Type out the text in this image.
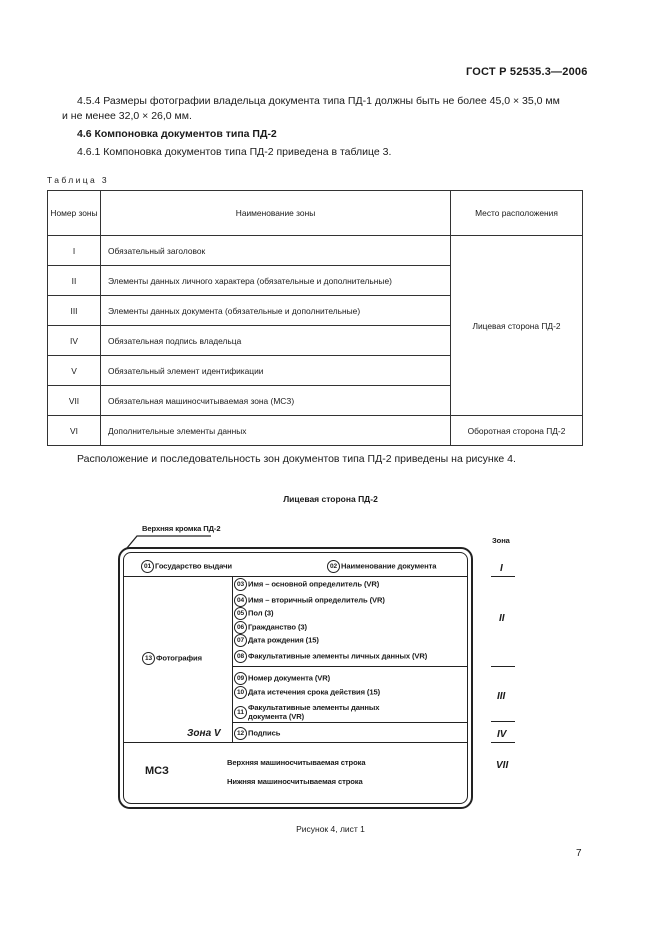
ГОСТ Р 52535.3—2006
4.5.4 Размеры фотографии владельца документа типа ПД-1 должны быть не более 45,0 × 35,0 мм
и не менее 32,0 × 26,0 мм.
4.6 Компоновка документов типа ПД-2
4.6.1 Компоновка документов типа ПД-2 приведена в таблице 3.
Таблица 3
Номер зоны	Наименование зоны	Место расположения
I	Обязательный заголовок	Лицевая сторона ПД-2
II	Элементы данных личного характера (обязательные и дополнительные)	
III	Элементы данных документа (обязательные и дополнительные)	
IV	Обязательная подпись владельца	
V	Обязательный элемент идентификации	
VII	Обязательная машиносчитываемая зона (МСЗ)	
VI	Дополнительные элементы данных	Оборотная сторона ПД-2
Расположение и последовательность зон документов типа ПД-2 приведены на рисунке 4.
Лицевая сторона ПД-2
Верхняя кромка ПД-2
Зона
01 Государство выдачи	02 Наименование документа
03 Имя – основной определитель (VR)
04 Имя – вторичный определитель (VR)
05 Пол (3)
06 Гражданство (3)
07 Дата рождения (15)
08 Факультативные элементы личных данных (VR)
13 Фотография
09 Номер документа (VR)
10 Дата истечения срока действия (15)
11 Факультативные элементы данных
документа (VR)
12 Подпись
Зона V
МСЗ
Верхняя машиносчитываемая строка
Нижняя машиносчитываемая строка
I
II
III
IV
VII
Рисунок 4, лист 1
7
